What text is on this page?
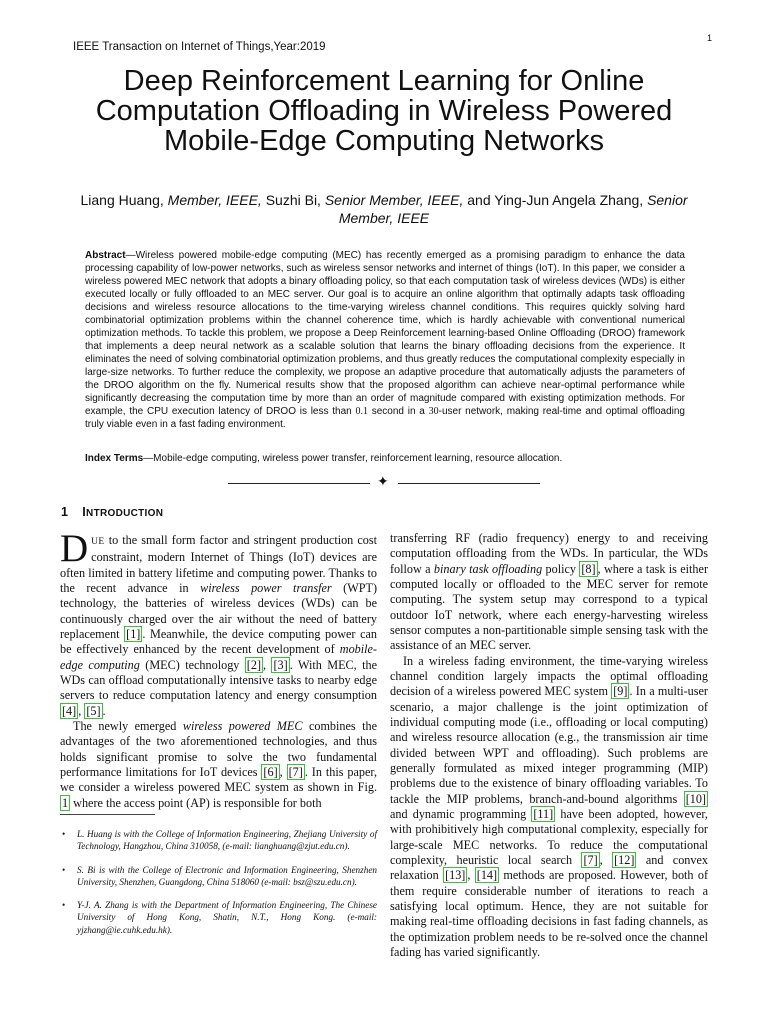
1
IEEE Transaction on Internet of Things,Year:2019
Deep Reinforcement Learning for Online
Computation Offloading in Wireless Powered
Mobile-Edge Computing Networks
Liang Huang, Member, IEEE, Suzhi Bi, Senior Member, IEEE, and Ying-Jun Angela Zhang, Senior Member, IEEE
Abstract—Wireless powered mobile-edge computing (MEC) has recently emerged as a promising paradigm to enhance the data processing capability of low-power networks, such as wireless sensor networks and internet of things (IoT). In this paper, we consider a wireless powered MEC network that adopts a binary offloading policy, so that each computation task of wireless devices (WDs) is either executed locally or fully offloaded to an MEC server. Our goal is to acquire an online algorithm that optimally adapts task offloading decisions and wireless resource allocations to the time-varying wireless channel conditions. This requires quickly solving hard combinatorial optimization problems within the channel coherence time, which is hardly achievable with conventional numerical optimization methods. To tackle this problem, we propose a Deep Reinforcement learning-based Online Offloading (DROO) framework that implements a deep neural network as a scalable solution that learns the binary offloading decisions from the experience. It eliminates the need of solving combinatorial optimization problems, and thus greatly reduces the computational complexity especially in large-size networks. To further reduce the complexity, we propose an adaptive procedure that automatically adjusts the parameters of the DROO algorithm on the fly. Numerical results show that the proposed algorithm can achieve near-optimal performance while significantly decreasing the computation time by more than an order of magnitude compared with existing optimization methods. For example, the CPU execution latency of DROO is less than 0.1 second in a 30-user network, making real-time and optimal offloading truly viable even in a fast fading environment.
Index Terms—Mobile-edge computing, wireless power transfer, reinforcement learning, resource allocation.
✦
1 INTRODUCTION

DUE to the small form factor and stringent production cost constraint, modern Internet of Things (IoT) devices are often limited in battery lifetime and computing power. Thanks to the recent advance in wireless power transfer (WPT) technology, the batteries of wireless devices (WDs) can be continuously charged over the air without the need of battery replacement [1] . Meanwhile, the device computing power can be effectively enhanced by the recent development of mobile-edge computing (MEC) technology [2] , [3] . With MEC, the WDs can offload computationally intensive tasks to nearby edge servers to reduce computation latency and energy consumption [4] , [5] .

The newly emerged wireless powered MEC combines the advantages of the two aforementioned technologies, and thus holds significant promise to solve the two fundamental performance limitations for IoT devices [6] , [7] . In this paper, we consider a wireless powered MEC system as shown in Fig. 1 where the access point (AP) is responsible for both

• L. Huang is with the College of Information Engineering, Zhejiang University of Technology, Hangzhou, China 310058, (e-mail: lianghuang@zjut.edu.cn).
• S. Bi is with the College of Electronic and Information Engineering, Shenzhen University, Shenzhen, Guangdong, China 518060 (e-mail: bsz@szu.edu.cn).
• Y-J. A. Zhang is with the Department of Information Engineering, The Chinese University of Hong Kong, Shatin, N.T., Hong Kong. (e-mail: yjzhang@ie.cuhk.edu.hk).

transferring RF (radio frequency) energy to and receiving computation offloading from the WDs. In particular, the WDs follow a binary task offloading policy [8] , where a task is either computed locally or offloaded to the MEC server for remote computing. The system setup may correspond to a typical outdoor IoT network, where each energy-harvesting wireless sensor computes a non-partitionable simple sensing task with the assistance of an MEC server.

In a wireless fading environment, the time-varying wireless channel condition largely impacts the optimal offloading decision of a wireless powered MEC system [9] . In a multi-user scenario, a major challenge is the joint optimization of individual computing mode (i.e., offloading or local computing) and wireless resource allocation (e.g., the transmission air time divided between WPT and offloading). Such problems are generally formulated as mixed integer programming (MIP) problems due to the existence of binary offloading variables. To tackle the MIP problems, branch-and-bound algorithms [10] and dynamic programming [11] have been adopted, however, with prohibitively high computational complexity, especially for large-scale MEC networks. To reduce the computational complexity, heuristic local search [7] , [12] and convex relaxation [13] , [14] methods are proposed. However, both of them require considerable number of iterations to reach a satisfying local optimum. Hence, they are not suitable for making real-time offloading decisions in fast fading channels, as the optimization problem needs to be re-solved once the channel fading has varied significantly.
